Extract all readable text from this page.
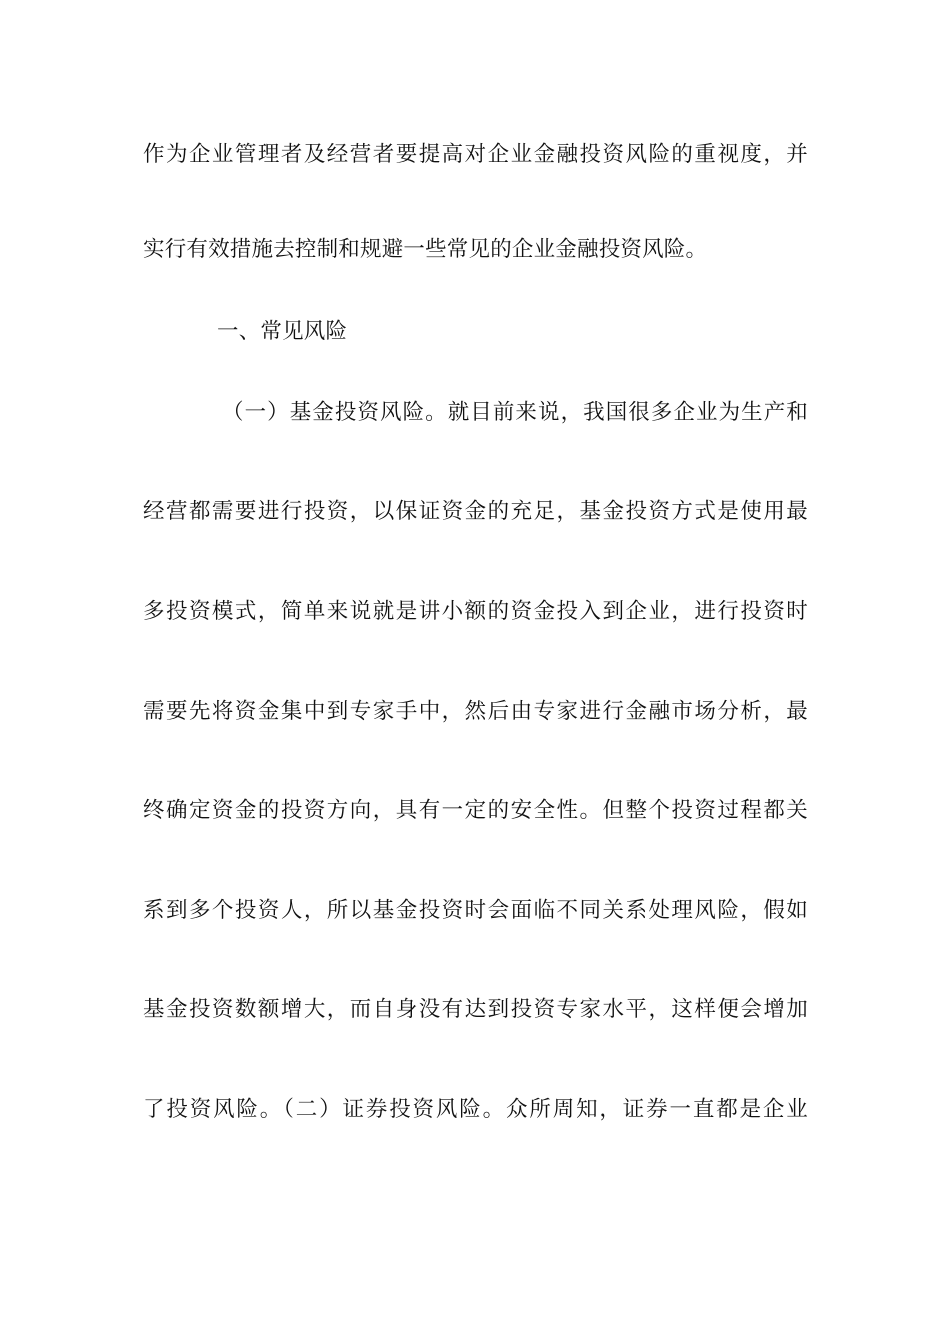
作为企业管理者及经营者要提高对企业金融投资风险的重视度，并
实行有效措施去控制和规避一些常见的企业金融投资风险。
一、常见风险
（一）基金投资风险。就目前来说，我国很多企业为生产和
经营都需要进行投资，以保证资金的充足，基金投资方式是使用最
多投资模式，简单来说就是讲小额的资金投入到企业，进行投资时
需要先将资金集中到专家手中，然后由专家进行金融市场分析，最
终确定资金的投资方向，具有一定的安全性。但整个投资过程都关
系到多个投资人，所以基金投资时会面临不同关系处理风险，假如
基金投资数额增大，而自身没有达到投资专家水平，这样便会增加
了投资风险。（二）证券投资风险。众所周知，证券一直都是企业
